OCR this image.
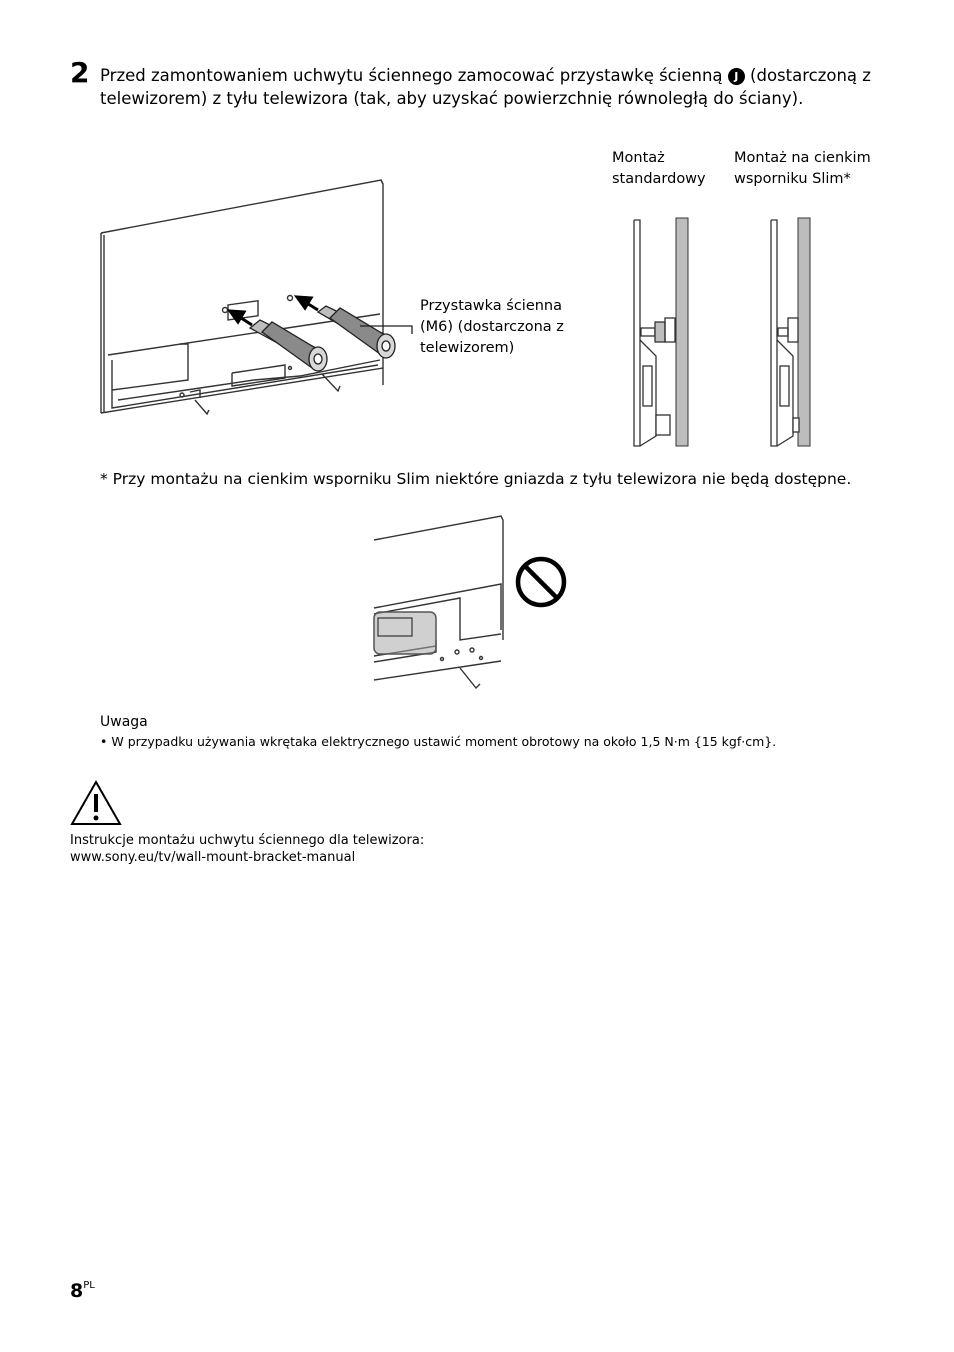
2 Przed zamontowaniem uchwytu ściennego zamocować przystawkę ścienną J (dostarczoną z telewizorem) z tyłu telewizora (tak, aby uzyskać powierzchnię równoległą do ściany).
Przystawka ścienna (M6) (dostarczona z telewizorem)
Montaż standardowy
Montaż na cienkim wsporniku Slim*
* Przy montażu na cienkim wsporniku Slim niektóre gniazda z tyłu telewizora nie będą dostępne.
Uwaga
• W przypadku używania wkrętaka elektrycznego ustawić moment obrotowy na około 1,5 N·m {15 kgf·cm}.
Instrukcje montażu uchwytu ściennego dla telewizora:
www.sony.eu/tv/wall-mount-bracket-manual
$8^{PL}$
